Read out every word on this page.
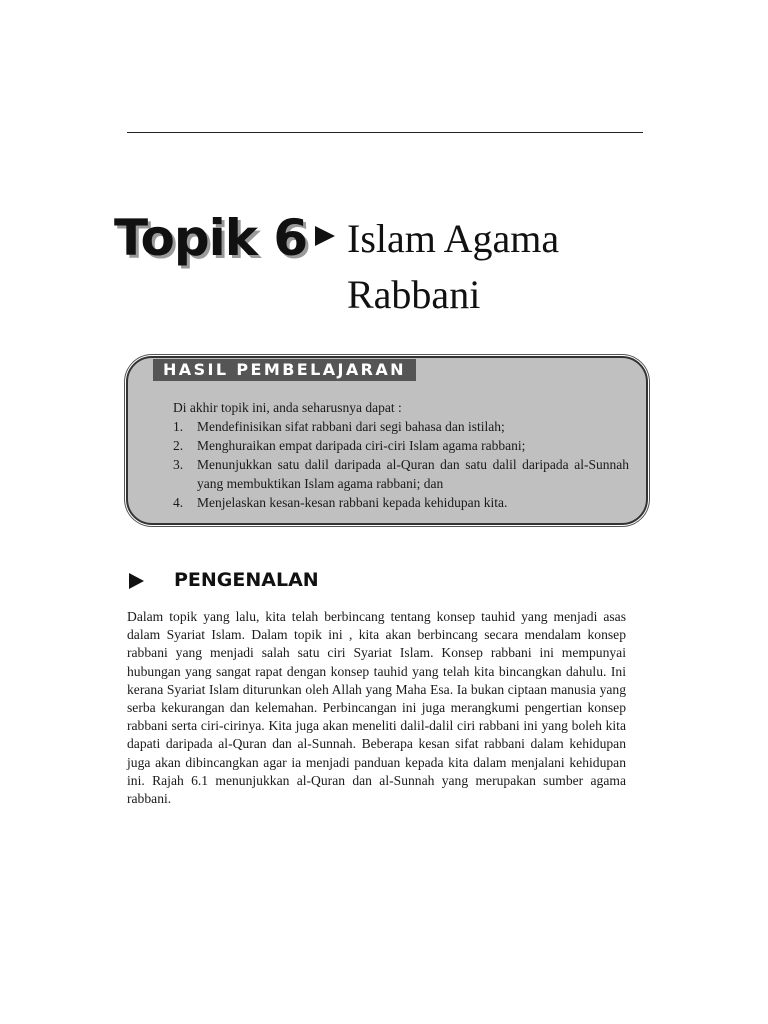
Topik 6 Islam Agama Rabbani
HASIL PEMBELAJARAN

Di akhir topik ini, anda seharusnya dapat :

1.	Mendefinisikan sifat rabbani dari segi bahasa dan istilah;
2.	Menghuraikan empat daripada ciri-ciri Islam agama rabbani;
3.	Menunjukkan satu dalil daripada al-Quran dan satu dalil daripada al-Sunnah yang membuktikan Islam agama rabbani; dan
4.	Menjelaskan kesan-kesan rabbani kepada kehidupan kita.
PENGENALAN

Dalam topik yang lalu, kita telah berbincang tentang konsep tauhid yang menjadi asas dalam Syariat Islam. Dalam topik ini , kita akan berbincang secara mendalam konsep rabbani yang menjadi salah satu ciri Syariat Islam. Konsep rabbani ini mempunyai hubungan yang sangat rapat dengan konsep tauhid yang telah kita bincangkan dahulu. Ini kerana Syariat Islam diturunkan oleh Allah yang Maha Esa. Ia bukan ciptaan manusia yang serba kekurangan dan kelemahan. Perbincangan ini juga merangkumi pengertian konsep rabbani serta ciri-cirinya. Kita juga akan meneliti dalil-dalil ciri rabbani ini yang boleh kita dapati daripada al-Quran dan al-Sunnah. Beberapa kesan sifat rabbani dalam kehidupan juga akan dibincangkan agar ia menjadi panduan kepada kita dalam menjalani kehidupan ini. Rajah 6.1 menunjukkan al-Quran dan al-Sunnah yang merupakan sumber agama rabbani.
